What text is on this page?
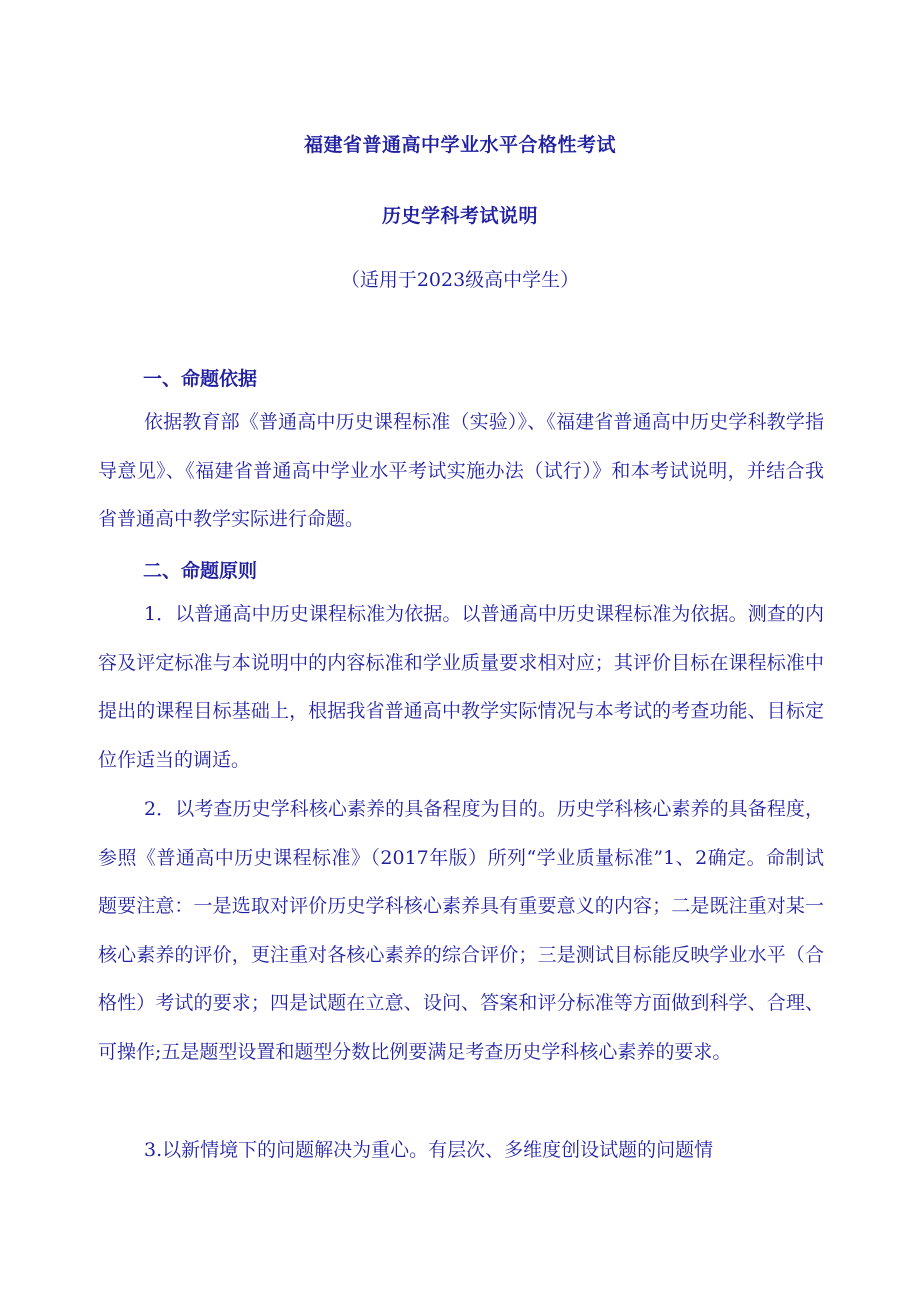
福建省普通高中学业水平合格性考试
历史学科考试说明
（适用于2023级高中学生）
一、命题依据

依据教育部《普通高中历史课程标准（实验）》、《福建省普通高中历史学科教学指导意见》、《福建省普通高中学业水平考试实施办法（试行）》和本考试说明，并结合我省普通高中教学实际进行命题。

二、命题原则

1．以普通高中历史课程标准为依据。以普通高中历史课程标准为依据。测查的内容及评定标准与本说明中的内容标准和学业质量要求相对应；其评价目标在课程标准中提出的课程目标基础上，根据我省普通高中教学实际情况与本考试的考查功能、目标定位作适当的调适。

2．以考查历史学科核心素养的具备程度为目的。历史学科核心素养的具备程度，参照《普通高中历史课程标准》（2017年版）所列“学业质量标准”1、2确定。命制试题要注意：一是选取对评价历史学科核心素养具有重要意义的内容；二是既注重对某一核心素养的评价，更注重对各核心素养的综合评价；三是测试目标能反映学业水平（合格性）考试的要求；四是试题在立意、设问、答案和评分标准等方面做到科学、合理、可操作;五是题型设置和题型分数比例要满足考查历史学科核心素养的要求。

3.以新情境下的问题解决为重心。有层次、多维度创设试题的问题情
